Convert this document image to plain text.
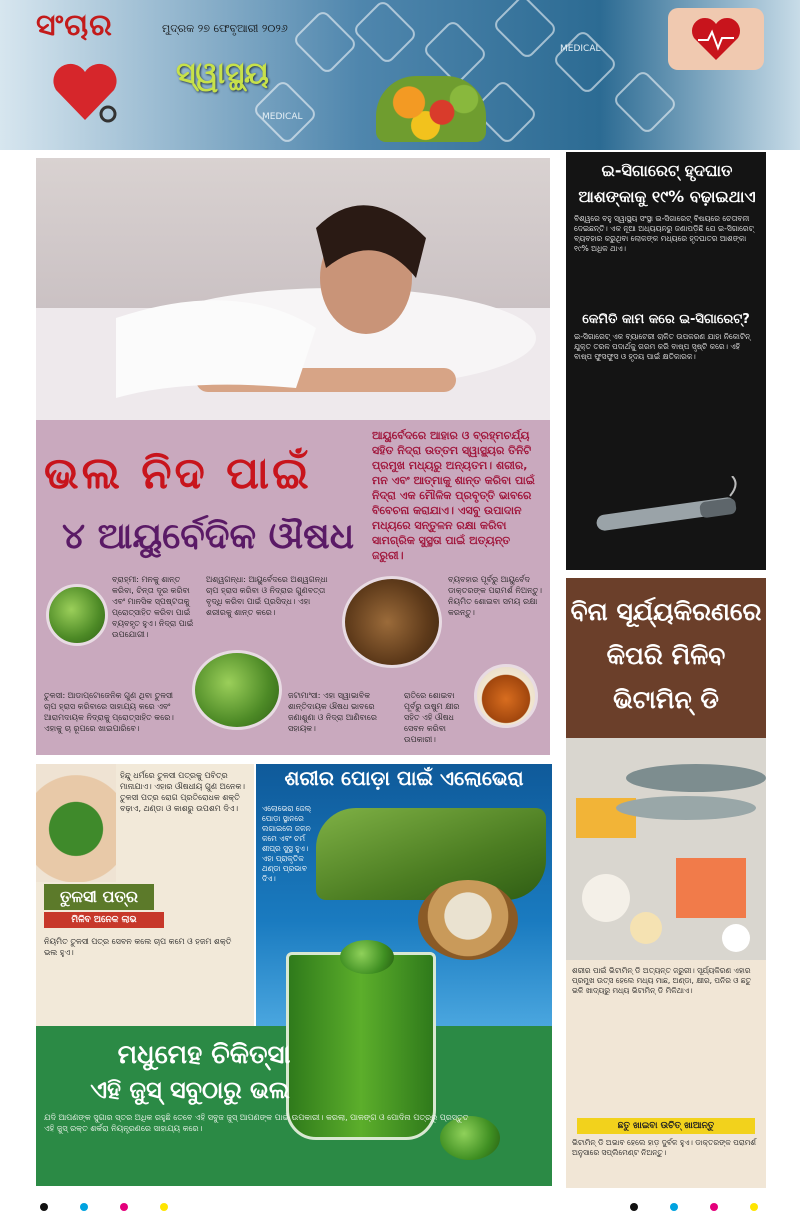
ସଂଚାର	ମୁଦ୍ରକ ୨୭ ଫେବୃଆରୀ ୨୦୨୬
ସ୍ୱାସ୍ଥ୍ୟ
MEDICAL
MEDICAL
ଭଲ ନିଦ ପାଇଁ
୪ ଆୟୁର୍ବେଦିକ ଔଷଧ
ଆୟୁର୍ବେଦରେ ଆହାର ଓ ବ୍ରହ୍ମଚର୍ଯ୍ୟ ସହିତ ନିଦ୍ରା ଉତ୍ତମ ସ୍ୱାସ୍ଥ୍ୟର ତିନିଟି ପ୍ରମୁଖ ମଧ୍ୟରୁ ଅନ୍ୟତମ। ଶରୀର, ମନ ଏବଂ ଆତ୍ମାକୁ ଶାନ୍ତ କରିବା ପାଇଁ ନିଦ୍ରା ଏକ ମୌଳିକ ପ୍ରବୃତ୍ତି ଭାବରେ ବିବେଚନା କରାଯାଏ। ଏସବୁ ଉପାଦାନ ମଧ୍ୟରେ ସନ୍ତୁଳନ ରକ୍ଷା କରିବା ସାମଗ୍ରିକ ସୁସ୍ଥତା ପାଇଁ ଅତ୍ୟନ୍ତ ଜରୁରୀ।
ବ୍ରାହ୍ମୀ: ମନକୁ ଶାନ୍ତ କରିବା, ଚିନ୍ତା ଦୂର କରିବା ଏବଂ ମାନସିକ ସ୍ପଷ୍ଟତାକୁ ପ୍ରୋତ୍ସାହିତ କରିବା ପାଇଁ ବ୍ୟବହୃତ ହୁଏ। ନିଦ୍ରା ପାଇଁ ଉପଯୋଗୀ।
ତୁଳସୀ: ଆଡାପ୍ଟୋଜେନିକ ଗୁଣ ଥିବା ତୁଳସୀ ଚାପ ହ୍ରାସ କରିବାରେ ସାହାଯ୍ୟ କରେ ଏବଂ ଆରାମଦାୟକ ନିଦ୍ରାକୁ ପ୍ରୋତ୍ସାହିତ କରେ। ଏହାକୁ ଚା ରୂପରେ ଖାଇପାରିବେ।
ଅଶ୍ୱଗନ୍ଧା: ଆୟୁର୍ବେଦରେ ଅଶ୍ୱଗନ୍ଧା ଚାପ ହ୍ରାସ କରିବା ଓ ନିଦ୍ରାର ଗୁଣବତ୍ତା ବୃଦ୍ଧି କରିବା ପାଇଁ ପ୍ରସିଦ୍ଧ। ଏହା ଶରୀରକୁ ଶାନ୍ତ କରେ।
ଜଟାମାଂସୀ: ଏହା ସ୍ୱାଭାବିକ ଶାନ୍ତିଦାୟକ ଔଷଧ ଭାବରେ ଜଣାଶୁଣା ଓ ନିଦ୍ରା ଆଣିବାରେ ସହାୟକ।
ବ୍ୟବହାର ପୂର୍ବରୁ ଆୟୁର୍ବେଦ ଡାକ୍ତରଙ୍କ ପରାମର୍ଶ ନିଅନ୍ତୁ। ନିୟମିତ ଶୋଇବା ସମୟ ରକ୍ଷା କରନ୍ତୁ।
ରାତିରେ ଶୋଇବା ପୂର୍ବରୁ ଉଷୁମ କ୍ଷୀର ସହିତ ଏହି ଔଷଧ ସେବନ କରିବା ଉପକାରୀ।
ଇ-ସିଗାରେଟ୍ ହୃଦଘାତ ଆଶଙ୍କାକୁ ୧୯% ବଢ଼ାଇଥାଏ
ବିଶ୍ୱରେ ବହୁ ସ୍ୱାସ୍ଥ୍ୟ ସଂସ୍ଥା ଇ-ସିଗାରେଟ୍ ବିଷୟରେ ଚେତାବନୀ ଦେଇଛନ୍ତି। ଏକ ନୂଆ ଅଧ୍ୟୟନରୁ ଜଣାପଡ଼ିଛି ଯେ ଇ-ସିଗାରେଟ୍ ବ୍ୟବହାର କରୁଥିବା ଲୋକଙ୍କ ମଧ୍ୟରେ ହୃଦଘାତର ଆଶଙ୍କା ୧୯% ଅଧିକ ଥାଏ।
କେମିତି କାମ କରେ ଇ-ସିଗାରେଟ୍?
ଇ-ସିଗାରେଟ୍ ଏକ ବ୍ୟାଟେରୀ ଚାଳିତ ଉପକରଣ ଯାହା ନିକୋଟିନ୍ ଯୁକ୍ତ ତରଳ ପଦାର୍ଥକୁ ଗରମ କରି ବାଷ୍ପ ସୃଷ୍ଟି କରେ। ଏହି ବାଷ୍ପ ଫୁସଫୁସ ଓ ହୃଦୟ ପାଇଁ କ୍ଷତିକାରକ।
ବିନା ସୂର୍ଯ୍ୟକିରଣରେ କିପରି ମିଳିବ ଭିଟାମିନ୍ ଡି
ଶରୀର ପାଇଁ ଭିଟାମିନ୍ ଡି ଅତ୍ୟନ୍ତ ଜରୁରୀ। ସୂର୍ଯ୍ୟକିରଣ ଏହାର ପ୍ରମୁଖ ଉତ୍ସ ହେଲେ ମଧ୍ୟ ମାଛ, ଅଣ୍ଡା, କ୍ଷୀର, ପନିର ଓ ଛତୁ ଭଳି ଖାଦ୍ୟରୁ ମଧ୍ୟ ଭିଟାମିନ୍ ଡି ମିଳିଥାଏ।
ଛତୁ ଖାଇବା ଉଚିତ୍ ଖାଆନ୍ତୁ
ଭିଟାମିନ୍ ଡି ଅଭାବ ହେଲେ ହାଡ଼ ଦୁର୍ବଳ ହୁଏ। ଡାକ୍ତରଙ୍କ ପରାମର୍ଶ ଅନୁସାରେ ସପ୍ଲିମେଣ୍ଟ ନିଅନ୍ତୁ।
ହିନ୍ଦୁ ଧର୍ମରେ ତୁଳସୀ ପତ୍ରକୁ ପବିତ୍ର ମାନାଯାଏ। ଏହାର ଔଷଧୀୟ ଗୁଣ ଅନେକ। ତୁଳସୀ ପତ୍ର ରୋଗ ପ୍ରତିରୋଧକ ଶକ୍ତି ବଢ଼ାଏ, ଥଣ୍ଡା ଓ କାଶରୁ ଉପଶମ ଦିଏ।
ତୁଳସୀ ପତ୍ର
ମିଳିବ ଅନେକ ଲାଭ
ନିୟମିତ ତୁଳସୀ ପତ୍ର ସେବନ କଲେ ଚାପ କମେ ଓ ହଜମ ଶକ୍ତି ଭଲ ହୁଏ।
ଶରୀର ପୋଡ଼ା ପାଇଁ ଏଲୋଭେରା
ଏଲୋଭେରା ଜେଲ୍ ପୋଡ଼ା ସ୍ଥାନରେ ଲଗାଇଲେ ଜଳନ କମେ ଏବଂ ଚର୍ମ ଶୀଘ୍ର ସୁସ୍ଥ ହୁଏ। ଏହା ପ୍ରାକୃତିକ ଥଣ୍ଡା ପ୍ରଭାବ ଦିଏ।
ମଧୁମେହ ଚିକିତ୍ସା
ଏହି ଜୁସ୍ ସବୁଠାରୁ ଭଲ
ଯଦି ଆପଣଙ୍କ ସୁଗାର ସ୍ତର ଅଧିକ ରହୁଛି ତେବେ ଏହି ସବୁଜ ଜୁସ୍ ଆପଣଙ୍କ ପାଇଁ ଉପକାରୀ। କରଲା, ପାଳଙ୍ଗ ଓ ପୋଦିନା ପତ୍ରରୁ ପ୍ରସ୍ତୁତ ଏହି ଜୁସ୍ ରକ୍ତ ଶର୍କରା ନିୟନ୍ତ୍ରଣରେ ସାହାଯ୍ୟ କରେ।
